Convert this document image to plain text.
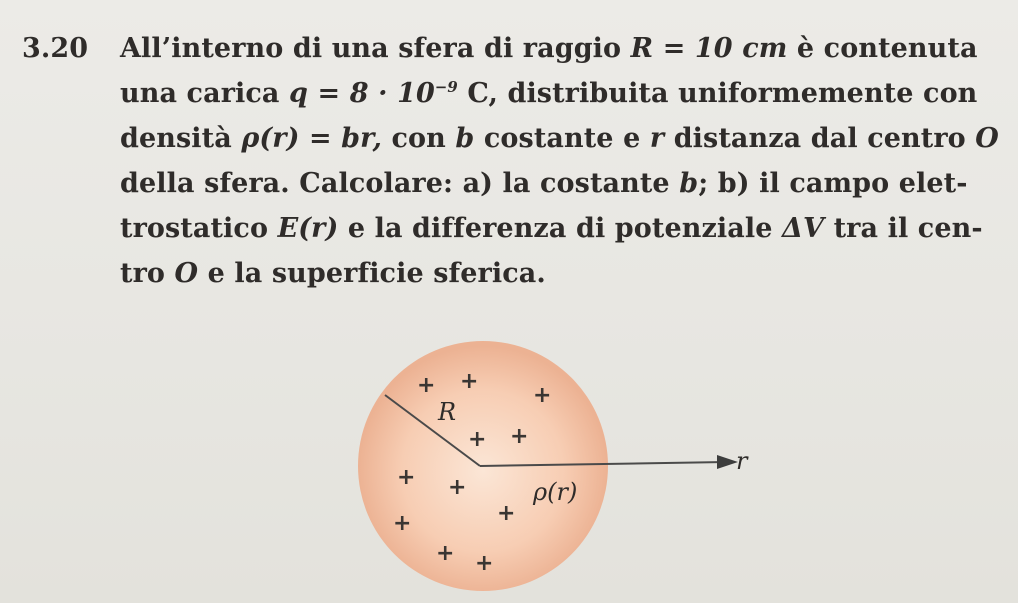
3.20 All’interno di una sfera di raggio R = 10 cm è contenuta
una carica $q = 8 \cdot 10^{-9}$ C, distribuita uniformemente con
densità ρ(r) = br, con b costante e r distanza dal centro O
della sfera. Calcolare: a) la costante b; b) il campo elet-
trostatico E(r) e la differenza di potenziale ΔV tra il cen-
tro O e la superficie sferica.
R
ρ(r)
r
+ +
+
+ +
+ +
+
+
+ +
